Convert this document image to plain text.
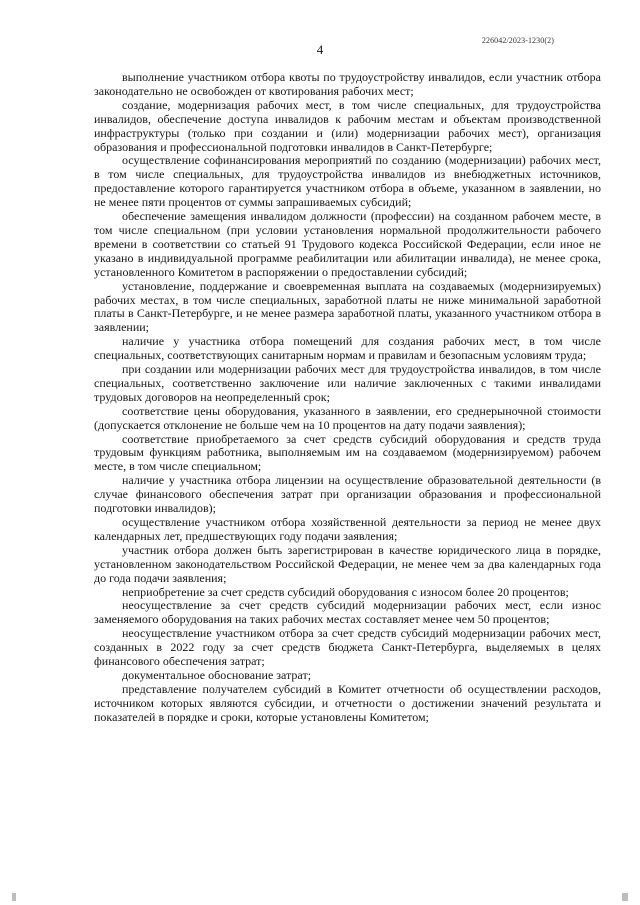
226042/2023-1230(2)
4

выполнение участником отбора квоты по трудоустройству инвалидов, если участник отбора законодательно не освобожден от квотирования рабочих мест;

создание, модернизация рабочих мест, в том числе специальных, для трудоустройства инвалидов, обеспечение доступа инвалидов к рабочим местам и объектам производственной инфраструктуры (только при создании и (или) модернизации рабочих мест), организация образования и профессиональной подготовки инвалидов в Санкт-Петербурге;

осуществление софинансирования мероприятий по созданию (модернизации) рабочих мест, в том числе специальных, для трудоустройства инвалидов из внебюджетных источников, предоставление которого гарантируется участником отбора в объеме, указанном в заявлении, но не менее пяти процентов от суммы запрашиваемых субсидий;

обеспечение замещения инвалидом должности (профессии) на созданном рабочем месте, в том числе специальном (при условии установления нормальной продолжительности рабочего времени в соответствии со статьей 91 Трудового кодекса Российской Федерации, если иное не указано в индивидуальной программе реабилитации или абилитации инвалида), не менее срока, установленного Комитетом в распоряжении о предоставлении субсидий;

установление, поддержание и своевременная выплата на создаваемых (модернизируемых) рабочих местах, в том числе специальных, заработной платы не ниже минимальной заработной платы в Санкт-Петербурге, и не менее размера заработной платы, указанного участником отбора в заявлении;

наличие у участника отбора помещений для создания рабочих мест, в том числе специальных, соответствующих санитарным нормам и правилам и безопасным условиям труда;

при создании или модернизации рабочих мест для трудоустройства инвалидов, в том числе специальных, соответственно заключение или наличие заключенных с такими инвалидами трудовых договоров на неопределенный срок;

соответствие цены оборудования, указанного в заявлении, его среднерыночной стоимости (допускается отклонение не больше чем на 10 процентов на дату подачи заявления);

соответствие приобретаемого за счет средств субсидий оборудования и средств труда трудовым функциям работника, выполняемым им на создаваемом (модернизируемом) рабочем месте, в том числе специальном;

наличие у участника отбора лицензии на осуществление образовательной деятельности (в случае финансового обеспечения затрат при организации образования и профессиональной подготовки инвалидов);

осуществление участником отбора хозяйственной деятельности за период не менее двух календарных лет, предшествующих году подачи заявления;

участник отбора должен быть зарегистрирован в качестве юридического лица в порядке, установленном законодательством Российской Федерации, не менее чем за два календарных года до года подачи заявления;

неприобретение за счет средств субсидий оборудования с износом более 20 процентов;

неосуществление за счет средств субсидий модернизации рабочих мест, если износ заменяемого оборудования на таких рабочих местах составляет менее чем 50 процентов;

неосуществление участником отбора за счет средств субсидий модернизации рабочих мест, созданных в 2022 году за счет средств бюджета Санкт-Петербурга, выделяемых в целях финансового обеспечения затрат;

документальное обоснование затрат;

представление получателем субсидий в Комитет отчетности об осуществлении расходов, источником которых являются субсидии, и отчетности о достижении значений результата и показателей в порядке и сроки, которые установлены Комитетом;
